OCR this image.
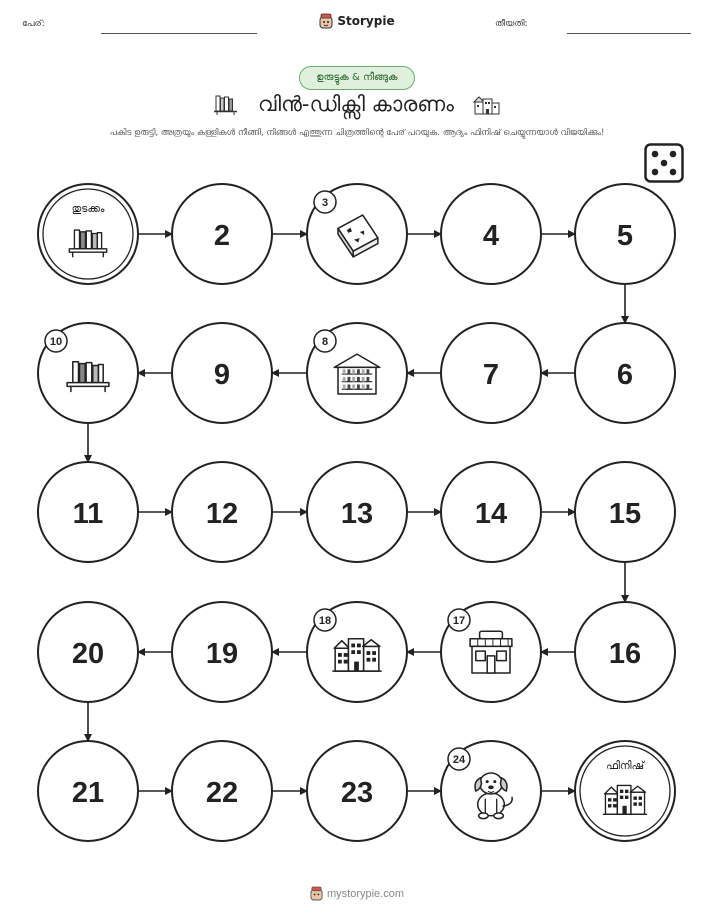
പേര്:	Storypie	തീയതി:
ഉരുട്ടുക & നീങ്ങുക
വിൻ-ഡിക്സി കാരണം
പകിട ഉരുട്ടി, അത്രയും കള്ളികൾ നീങ്ങി, നിങ്ങൾ എത്തുന്ന ചിത്രത്തിന്റെ പേര് പറയുക. ആദ്യം ഫിനിഷ് ചെയ്യുന്നയാൾ വിജയിക്കും!
തുടക്കം
2
3
4	5
6
7
8
9
10
11	12	13	14	15
16
17
18
19
20
21	22	23
24	ഫിനിഷ്
mystorypie.com
